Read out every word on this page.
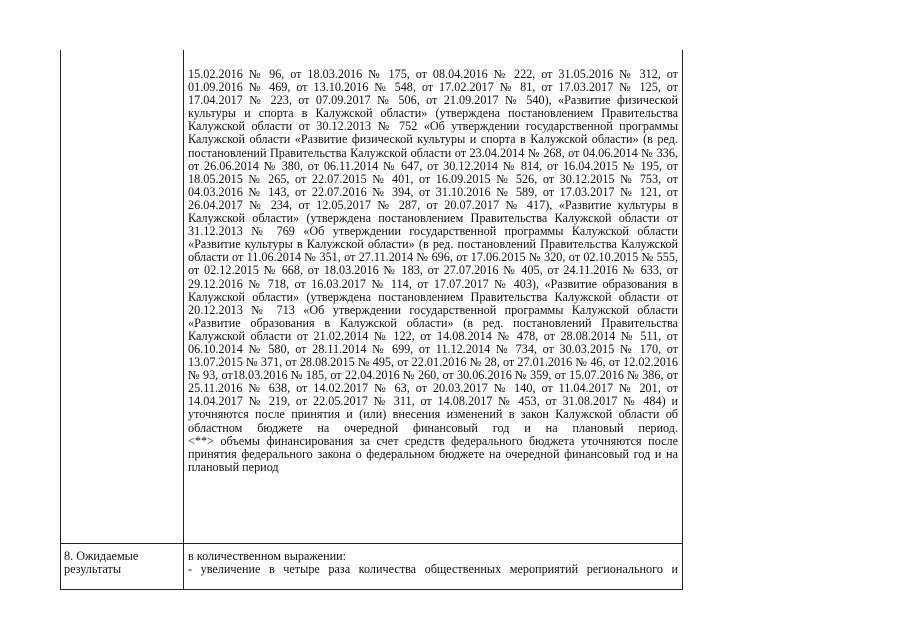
15.02.2016 № 96, от 18.03.2016 № 175, от 08.04.2016 № 222, от 31.05.2016 № 312, от 01.09.2016 № 469, от 13.10.2016 № 548, от 17.02.2017 № 81, от 17.03.2017 № 125, от 17.04.2017 № 223, от 07.09.2017 № 506, от 21.09.2017 № 540), «Развитие физической культуры и спорта в Калужской области» (утверждена постановлением Правительства Калужской области от 30.12.2013 № 752 «Об утверждении государственной программы Калужской области «Развитие физической культуры и спорта в Калужской области» (в ред. постановлений Правительства Калужской области от 23.04.2014 № 268, от 04.06.2014 № 336, от 26.06.2014 № 380, от 06.11.2014 № 647, от 30.12.2014 № 814, от 16.04.2015 № 195, от 18.05.2015 № 265, от 22.07.2015 № 401, от 16.09.2015 № 526, от 30.12.2015 № 753, от 04.03.2016 № 143, от 22.07.2016 № 394, от 31.10.2016 № 589, от 17.03.2017 № 121, от 26.04.2017 № 234, от 12.05.2017 № 287, от 20.07.2017 № 417), «Развитие культуры в Калужской области» (утверждена постановлением Правительства Калужской области от 31.12.2013 № 769 «Об утверждении государственной программы Калужской области «Развитие культуры в Калужской области» (в ред. постановлений Правительства Калужской области от 11.06.2014 № 351, от 27.11.2014 № 696, от 17.06.2015 № 320, от 02.10.2015 № 555, от 02.12.2015 № 668, от 18.03.2016 № 183, от 27.07.2016 № 405, от 24.11.2016 № 633, от 29.12.2016 № 718, от 16.03.2017 № 114, от 17.07.2017 № 403), «Развитие образования в Калужской области» (утверждена постановлением Правительства Калужской области от 20.12.2013 № 713 «Об утверждении государственной программы Калужской области «Развитие образования в Калужской области» (в ред. постановлений Правительства Калужской области от 21.02.2014 № 122, от 14.08.2014 № 478, от 28.08.2014 № 511, от 06.10.2014 № 580, от 28.11.2014 № 699, от 11.12.2014 № 734, от 30.03.2015 № 170, от 13.07.2015 № 371, от 28.08.2015 № 495, от 22.01.2016 № 28, от 27.01.2016 № 46, от 12.02.2016 № 93, от18.03.2016 № 185, от 22.04.2016 № 260, от 30.06.2016 № 359, от 15.07.2016 № 386, от 25.11.2016 № 638, от 14.02.2017 № 63, от 20.03.2017 № 140, от 11.04.2017 № 201, от 14.04.2017 № 219, от 22.05.2017 № 311, от 14.08.2017 № 453, от 31.08.2017 № 484) и уточняются после принятия и (или) внесения изменений в закон Калужской области об областном бюджете на очередной финансовый год и на плановый период.

<**> объемы финансирования за счет средств федерального бюджета уточняются после принятия федерального закона о федеральном бюджете на очередной финансовый год и на плановый период

8. Ожидаемые результаты

в количественном выражении:

- увеличение в четыре раза количества общественных мероприятий регионального и
